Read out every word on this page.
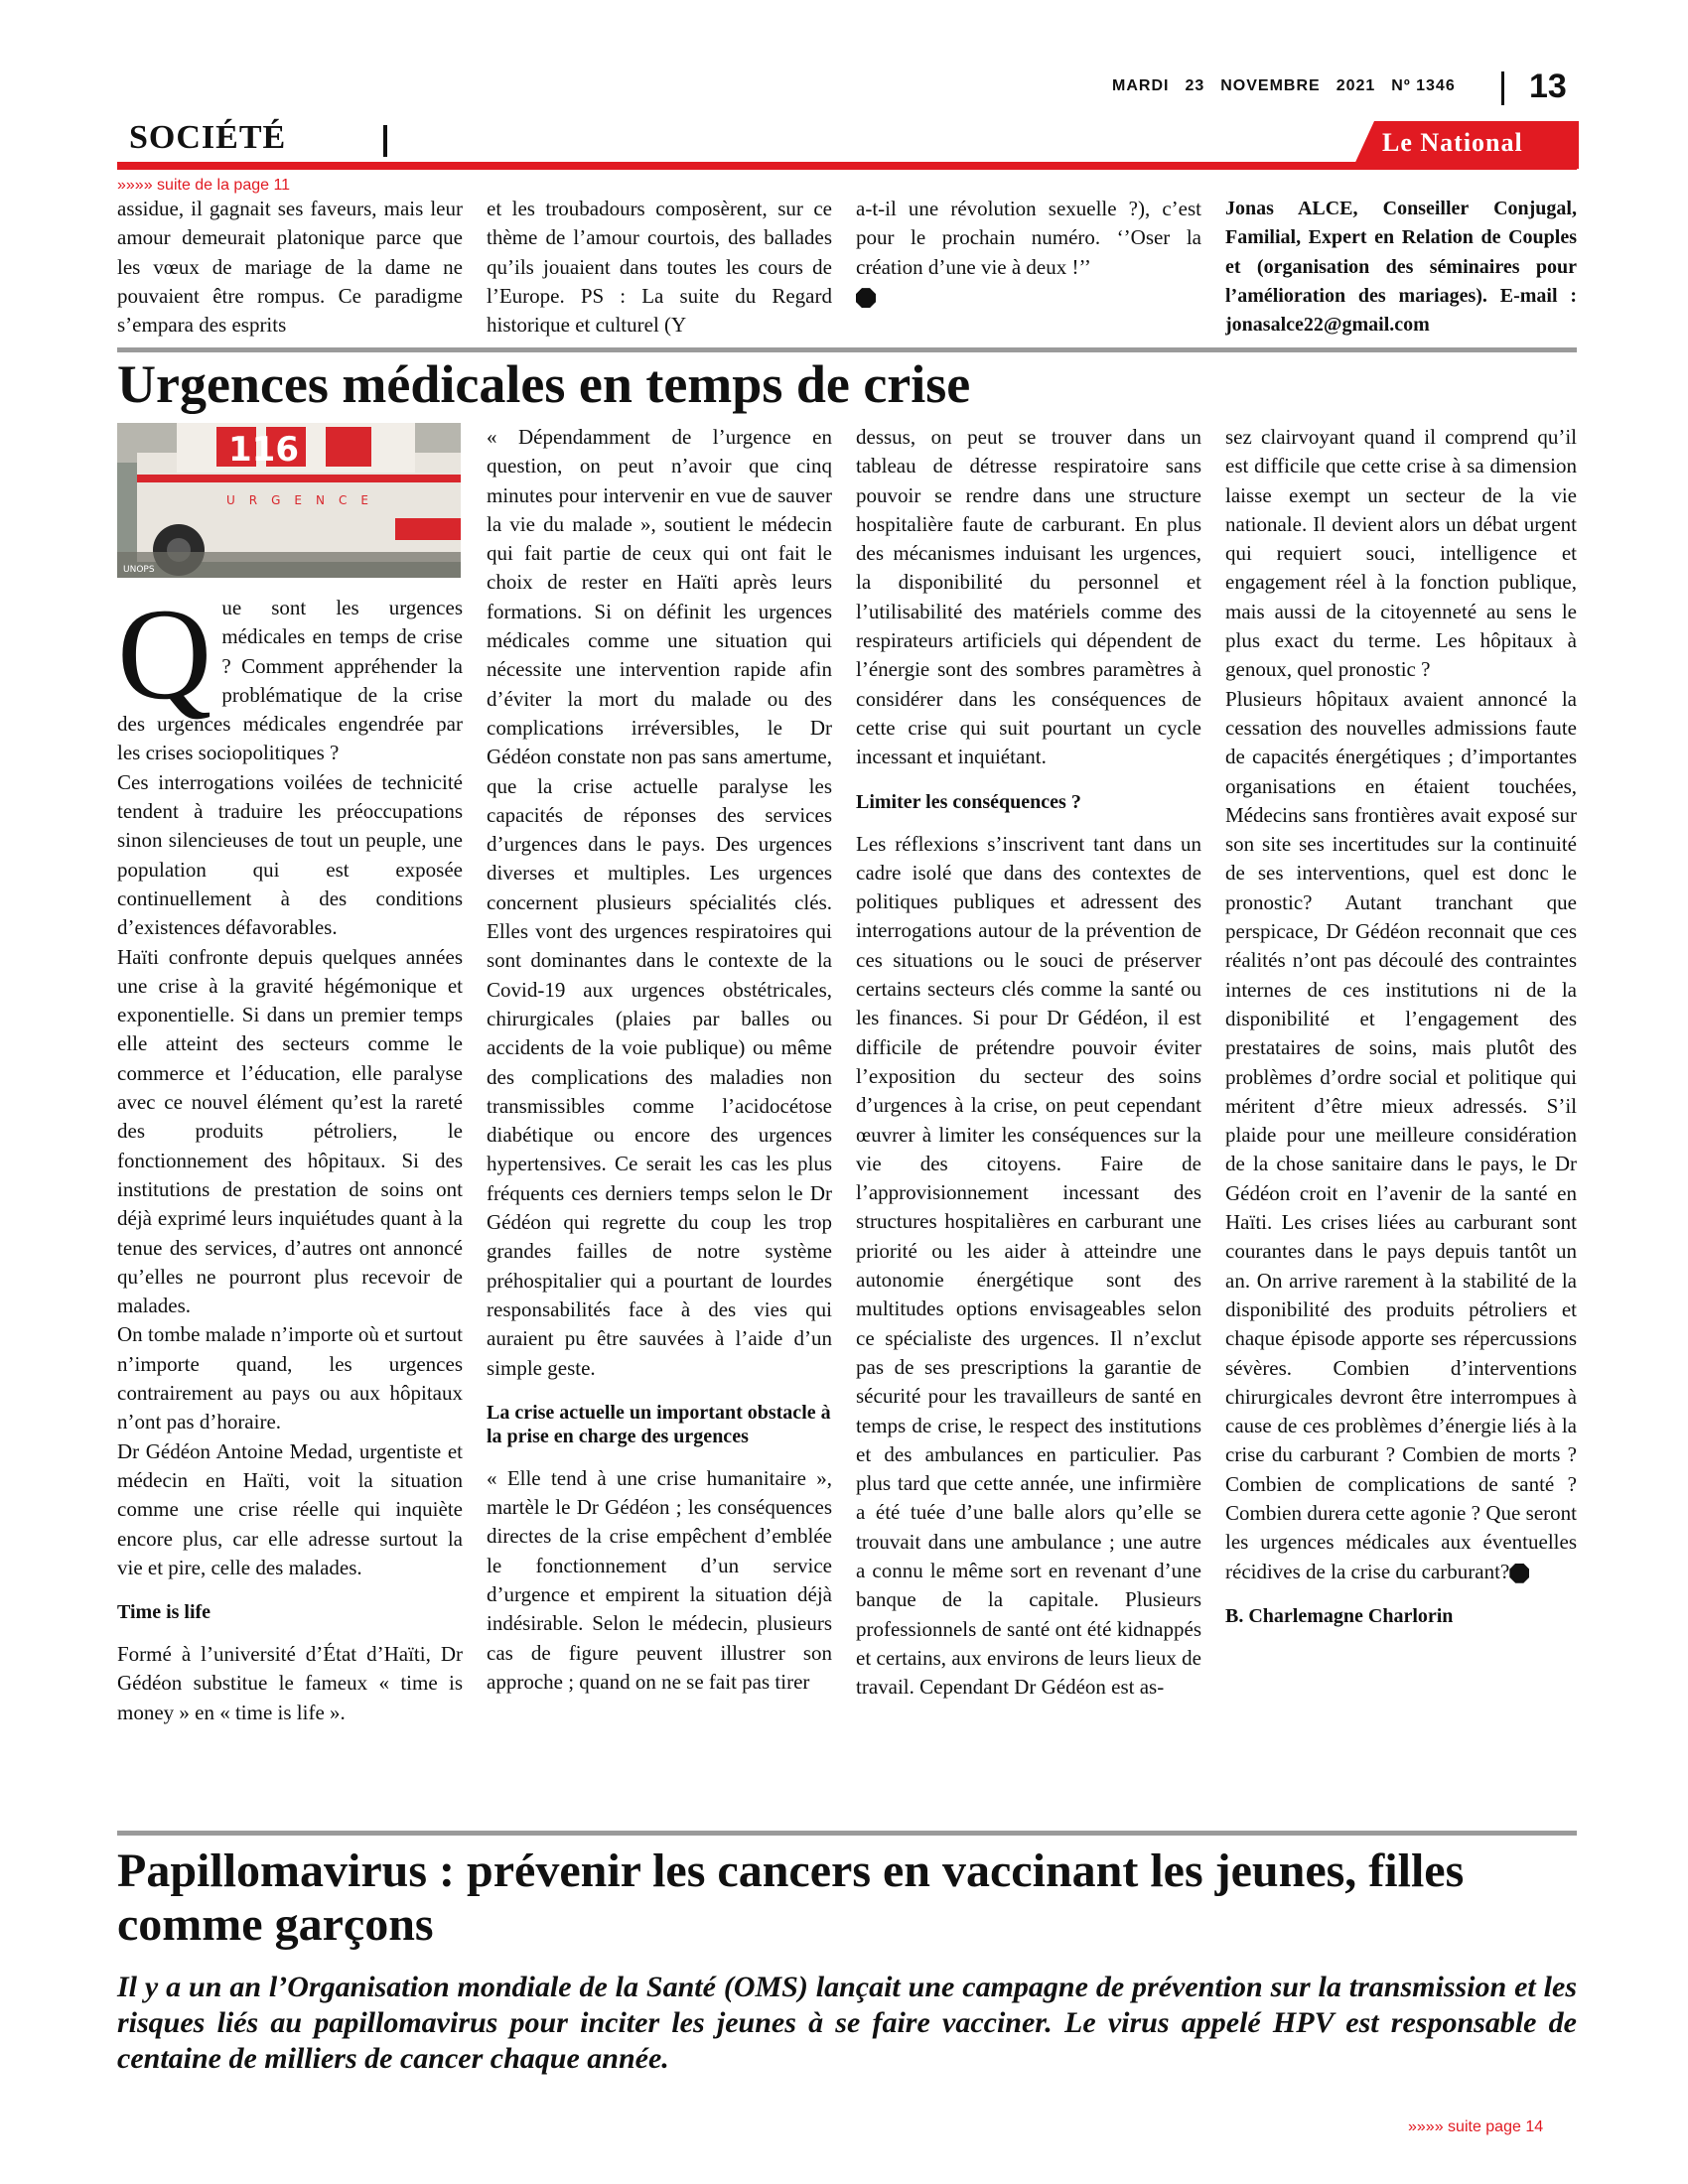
MARDI 23 NOVEMBRE 2021 Nº 1346	13
SOCIÉTÉ	Le National
»»»» suite de la page 11

assidue, il gagnait ses faveurs, mais leur amour demeurait platonique parce que les vœux de mariage de la dame ne pouvaient être rompus. Ce paradigme s’empara des esprits

et les troubadours composèrent, sur ce thème de l’amour courtois, des ballades qu’ils jouaient dans toutes les cours de l’Europe. PS : La suite du Regard historique et culturel (Y

a-t-il une révolution sexuelle ?), c’est pour le prochain numéro. ‘’Oser la création d’une vie à deux !’’

Jonas ALCE, Conseiller Conjugal, Familial, Expert en Relation de Couples et (organisation des séminaires pour l’amélioration des mariages). E-mail : jonasalce22@gmail.com

Urgences médicales en temps de crise
116
URGENCE
UNOPS
Q ue sont les urgences médicales en temps de crise ? Comment appréhender la problématique de la crise des urgences médicales engendrée par les crises sociopolitiques ?

Ces interrogations voilées de technicité tendent à traduire les préoccupations sinon silencieuses de tout un peuple, une population qui est exposée continuellement à des conditions d’existences défavorables.

Haïti confronte depuis quelques années une crise à la gravité hégémonique et exponentielle. Si dans un premier temps elle atteint des secteurs comme le commerce et l’éducation, elle paralyse avec ce nouvel élément qu’est la rareté des produits pétroliers, le fonctionnement des hôpitaux. Si des institutions de prestation de soins ont déjà exprimé leurs inquiétudes quant à la tenue des services, d’autres ont annoncé qu’elles ne pourront plus recevoir de malades.

On tombe malade n’importe où et surtout n’importe quand, les urgences contrairement au pays ou aux hôpitaux n’ont pas d’horaire.

Dr Gédéon Antoine Medad, urgentiste et médecin en Haïti, voit la situation comme une crise réelle qui inquiète encore plus, car elle adresse surtout la vie et pire, celle des malades.

Time is life

Formé à l’université d’État d’Haïti, Dr Gédéon substitue le fameux « time is money » en « time is life ».

« Dépendamment de l’urgence en question, on peut n’avoir que cinq minutes pour intervenir en vue de sauver la vie du malade », soutient le médecin qui fait partie de ceux qui ont fait le choix de rester en Haïti après leurs formations. Si on définit les urgences médicales comme une situation qui nécessite une intervention rapide afin d’éviter la mort du malade ou des complications irréversibles, le Dr Gédéon constate non pas sans amertume, que la crise actuelle paralyse les capacités de réponses des services d’urgences dans le pays. Des urgences diverses et multiples. Les urgences concernent plusieurs spécialités clés. Elles vont des urgences respiratoires qui sont dominantes dans le contexte de la Covid-19 aux urgences obstétricales, chirurgicales (plaies par balles ou accidents de la voie publique) ou même des complications des maladies non transmissibles comme l’acidocétose diabétique ou encore des urgences hypertensives. Ce serait les cas les plus fréquents ces derniers temps selon le Dr Gédéon qui regrette du coup les trop grandes failles de notre système préhospitalier qui a pourtant de lourdes responsabilités face à des vies qui auraient pu être sauvées à l’aide d’un simple geste.

La crise actuelle un important obstacle à la prise en charge des urgences

« Elle tend à une crise humanitaire », martèle le Dr Gédéon ; les conséquences directes de la crise empêchent d’emblée le fonctionnement d’un service d’urgence et empirent la situation déjà indésirable. Selon le médecin, plusieurs cas de figure peuvent illustrer son approche ; quand on ne se fait pas tirer

dessus, on peut se trouver dans un tableau de détresse respiratoire sans pouvoir se rendre dans une structure hospitalière faute de carburant. En plus des mécanismes induisant les urgences, la disponibilité du personnel et l’utilisabilité des matériels comme des respirateurs artificiels qui dépendent de l’énergie sont des sombres paramètres à considérer dans les conséquences de cette crise qui suit pourtant un cycle incessant et inquiétant.

Limiter les conséquences ?

Les réflexions s’inscrivent tant dans un cadre isolé que dans des contextes de politiques publiques et adressent des interrogations autour de la prévention de ces situations ou le souci de préserver certains secteurs clés comme la santé ou les finances. Si pour Dr Gédéon, il est difficile de prétendre pouvoir éviter l’exposition du secteur des soins d’urgences à la crise, on peut cependant œuvrer à limiter les conséquences sur la vie des citoyens. Faire de l’approvisionnement incessant des structures hospitalières en carburant une priorité ou les aider à atteindre une autonomie énergétique sont des multitudes options envisageables selon ce spécialiste des urgences. Il n’exclut pas de ses prescriptions la garantie de sécurité pour les travailleurs de santé en temps de crise, le respect des institutions et des ambulances en particulier. Pas plus tard que cette année, une infirmière a été tuée d’une balle alors qu’elle se trouvait dans une ambulance ; une autre a connu le même sort en revenant d’une banque de la capitale. Plusieurs professionnels de santé ont été kidnappés et certains, aux environs de leurs lieux de travail. Cependant Dr Gédéon est as-

sez clairvoyant quand il comprend qu’il est difficile que cette crise à sa dimension laisse exempt un secteur de la vie nationale. Il devient alors un débat urgent qui requiert souci, intelligence et engagement réel à la fonction publique, mais aussi de la citoyenneté au sens le plus exact du terme. Les hôpitaux à genoux, quel pronostic ?

Plusieurs hôpitaux avaient annoncé la cessation des nouvelles admissions faute de capacités énergétiques ; d’importantes organisations en étaient touchées, Médecins sans frontières avait exposé sur son site ses incertitudes sur la continuité de ses interventions, quel est donc le pronostic? Autant tranchant que perspicace, Dr Gédéon reconnait que ces réalités n’ont pas découlé des contraintes internes de ces institutions ni de la disponibilité et l’engagement des prestataires de soins, mais plutôt des problèmes d’ordre social et politique qui méritent d’être mieux adressés. S’il plaide pour une meilleure considération de la chose sanitaire dans le pays, le Dr Gédéon croit en l’avenir de la santé en Haïti. Les crises liées au carburant sont courantes dans le pays depuis tantôt un an. On arrive rarement à la stabilité de la disponibilité des produits pétroliers et chaque épisode apporte ses répercussions sévères. Combien d’interventions chirurgicales devront être interrompues à cause de ces problèmes d’énergie liés à la crise du carburant ? Combien de morts ? Combien de complications de santé ? Combien durera cette agonie ? Que seront les urgences médicales aux éventuelles récidives de la crise du carburant?

B. Charlemagne Charlorin
Papillomavirus : prévenir les cancers en vaccinant les jeunes, filles comme garçons

Il y a un an l’Organisation mondiale de la Santé (OMS) lançait une campagne de prévention sur la transmission et les risques liés au papillomavirus pour inciter les jeunes à se faire vacciner. Le virus appelé HPV est responsable de centaine de milliers de cancer chaque année.

»»»» suite page 14
